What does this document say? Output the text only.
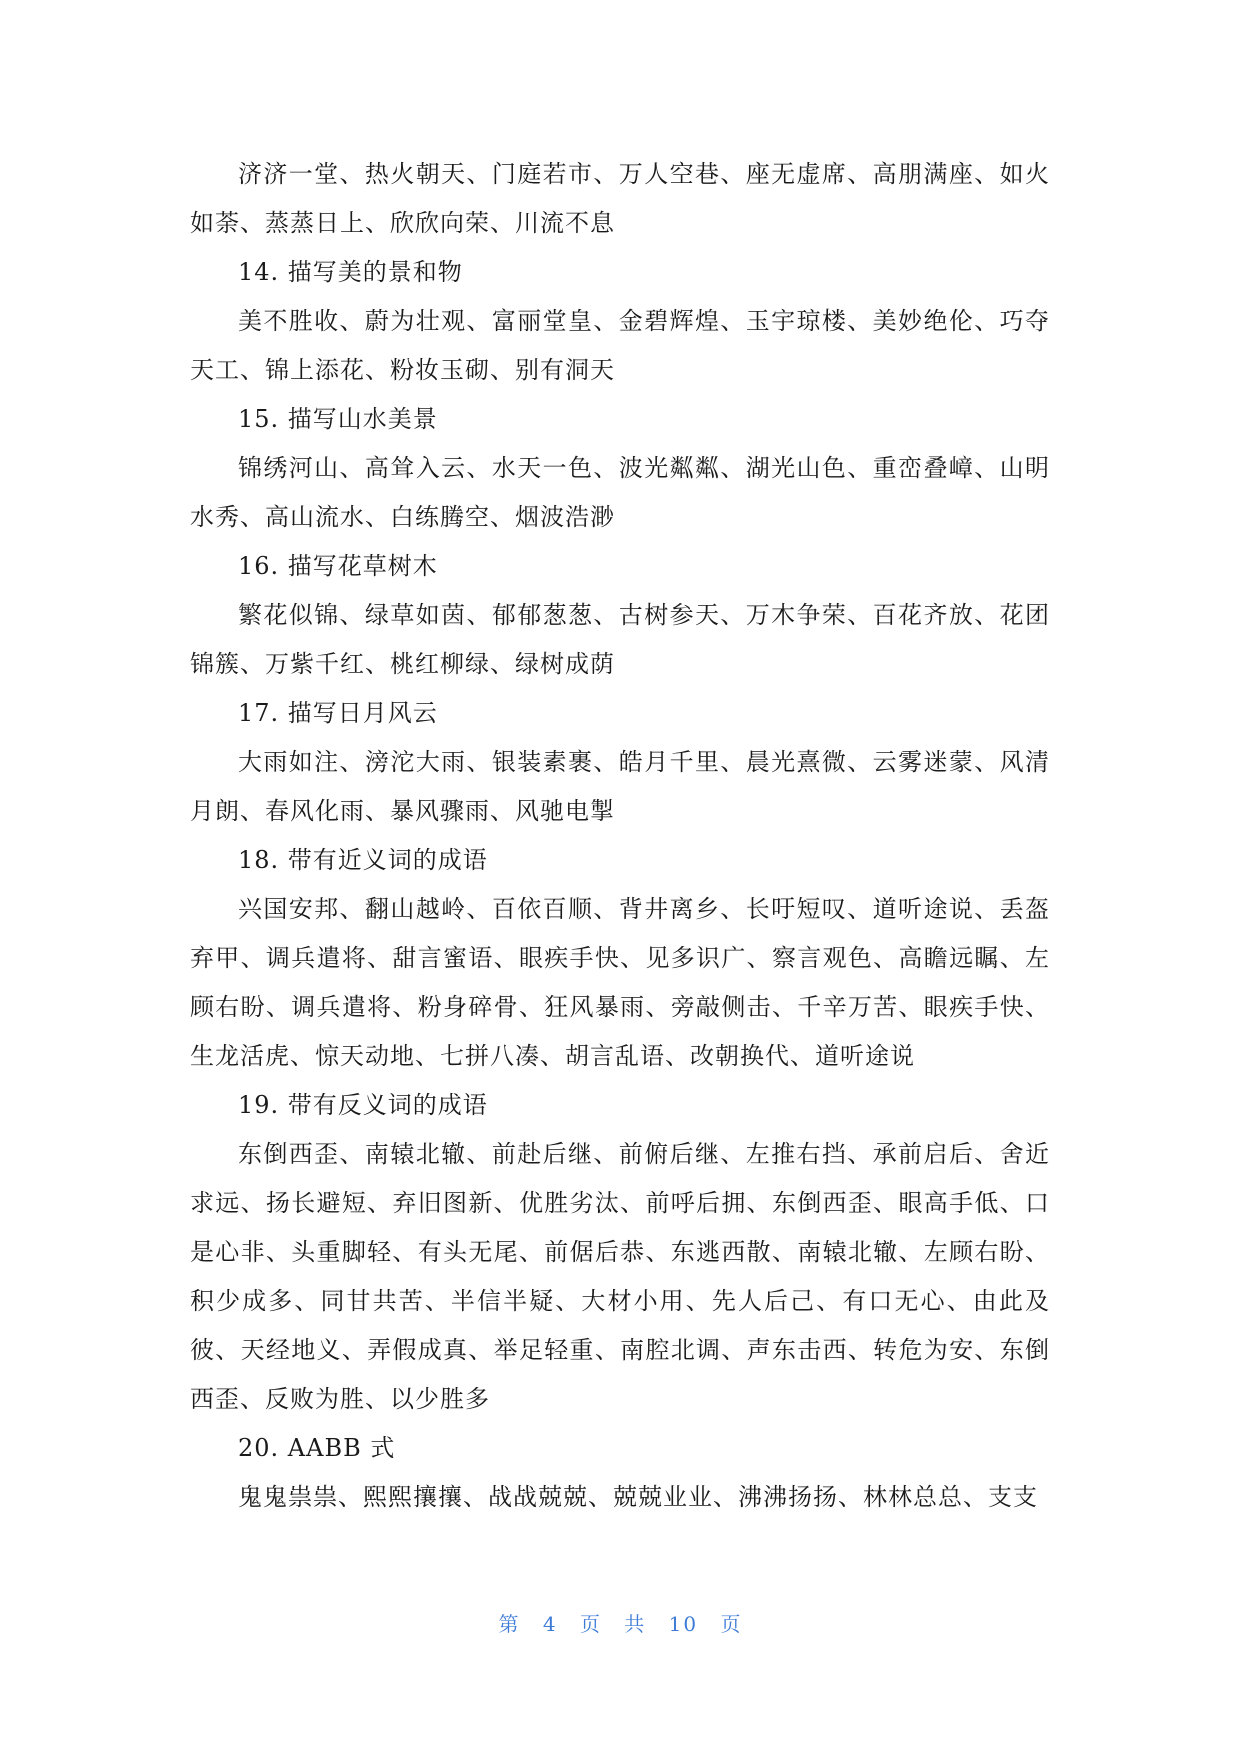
济济一堂、热火朝天、门庭若市、万人空巷、座无虚席、高朋满座、如火如荼、蒸蒸日上、欣欣向荣、川流不息

14. 描写美的景和物

美不胜收、蔚为壮观、富丽堂皇、金碧辉煌、玉宇琼楼、美妙绝伦、巧夺天工、锦上添花、粉妆玉砌、别有洞天

15. 描写山水美景

锦绣河山、高耸入云、水天一色、波光粼粼、湖光山色、重峦叠嶂、山明水秀、高山流水、白练腾空、烟波浩渺

16. 描写花草树木

繁花似锦、绿草如茵、郁郁葱葱、古树参天、万木争荣、百花齐放、花团锦簇、万紫千红、桃红柳绿、绿树成荫

17. 描写日月风云

大雨如注、滂沱大雨、银装素裹、皓月千里、晨光熹微、云雾迷蒙、风清月朗、春风化雨、暴风骤雨、风驰电掣

18. 带有近义词的成语

兴国安邦、翻山越岭、百依百顺、背井离乡、长吁短叹、道听途说、丢盔弃甲、调兵遣将、甜言蜜语、眼疾手快、见多识广、察言观色、高瞻远瞩、左顾右盼、调兵遣将、粉身碎骨、狂风暴雨、旁敲侧击、千辛万苦、眼疾手快、生龙活虎、惊天动地、七拼八凑、胡言乱语、改朝换代、道听途说

19. 带有反义词的成语

东倒西歪、南辕北辙、前赴后继、前俯后继、左推右挡、承前启后、舍近求远、扬长避短、弃旧图新、优胜劣汰、前呼后拥、东倒西歪、眼高手低、口是心非、头重脚轻、有头无尾、前倨后恭、东逃西散、南辕北辙、左顾右盼、积少成多、同甘共苦、半信半疑、大材小用、先人后己、有口无心、由此及彼、天经地义、弄假成真、举足轻重、南腔北调、声东击西、转危为安、东倒西歪、反败为胜、以少胜多

20. AABB 式

鬼鬼祟祟、熙熙攘攘、战战兢兢、兢兢业业、沸沸扬扬、林林总总、支支

第 4 页 共 10 页
